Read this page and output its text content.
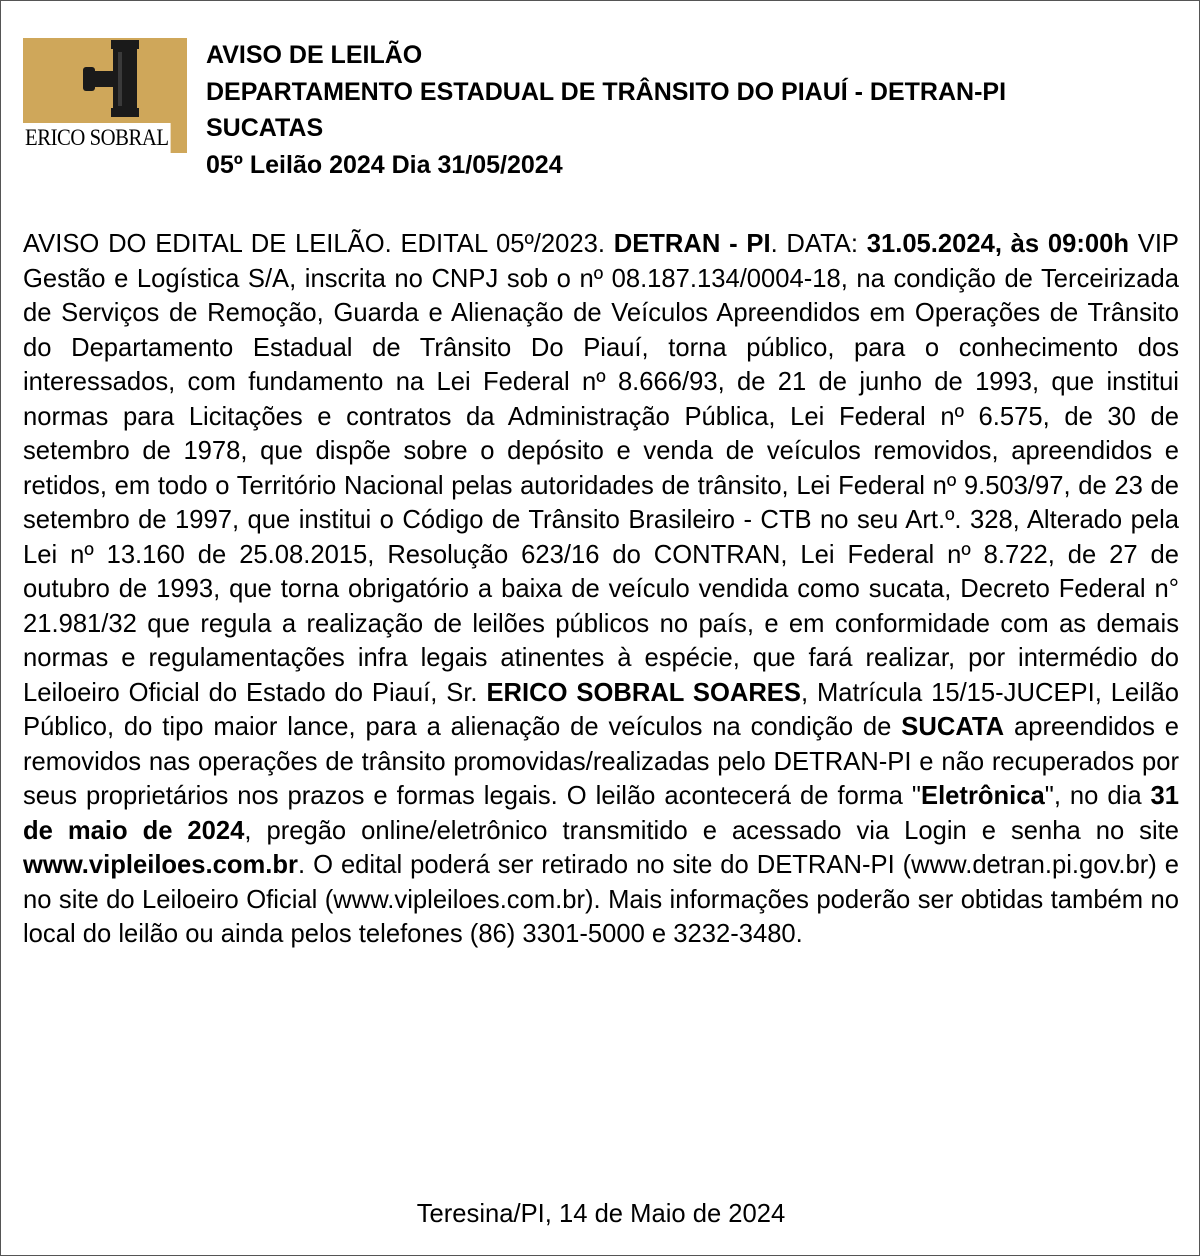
ERICO SOBRAL
AVISO DE LEILÃO
DEPARTAMENTO ESTADUAL DE TRÂNSITO DO PIAUÍ - DETRAN-PI
SUCATAS
05º Leilão 2024 Dia 31/05/2024
AVISO DO EDITAL DE LEILÃO. EDITAL 05º/2023. DETRAN - PI. DATA: 31.05.2024, às 09:00h VIP Gestão e Logística S/A, inscrita no CNPJ sob o nº 08.187.134/0004-18, na condição de Terceirizada de Serviços de Remoção, Guarda e Alienação de Veículos Apreendidos em Operações de Trânsito do Departamento Estadual de Trânsito Do Piauí, torna público, para o conhecimento dos interessados, com fundamento na Lei Federal nº 8.666/93, de 21 de junho de 1993, que institui normas para Licitações e contratos da Administração Pública, Lei Federal nº 6.575, de 30 de setembro de 1978, que dispõe sobre o depósito e venda de veículos removidos, apreendidos e retidos, em todo o Território Nacional pelas autoridades de trânsito, Lei Federal nº 9.503/97, de 23 de setembro de 1997, que institui o Código de Trânsito Brasileiro - CTB no seu Art.º. 328, Alterado pela Lei nº 13.160 de 25.08.2015, Resolução 623/16 do CONTRAN, Lei Federal nº 8.722, de 27 de outubro de 1993, que torna obrigatório a baixa de veículo vendida como sucata, Decreto Federal n° 21.981/32 que regula a realização de leilões públicos no país, e em conformidade com as demais normas e regulamentações infra legais atinentes à espécie, que fará realizar, por intermédio do Leiloeiro Oficial do Estado do Piauí, Sr. ERICO SOBRAL SOARES, Matrícula 15/15-JUCEPI, Leilão Público, do tipo maior lance, para a alienação de veículos na condição de SUCATA apreendidos e removidos nas operações de trânsito promovidas/realizadas pelo DETRAN-PI e não recuperados por seus proprietários nos prazos e formas legais. O leilão acontecerá de forma "Eletrônica", no dia 31 de maio de 2024, pregão online/eletrônico transmitido e acessado via Login e senha no site www.vipleiloes.com.br. O edital poderá ser retirado no site do DETRAN-PI (www.detran.pi.gov.br) e no site do Leiloeiro Oficial (www.vipleiloes.com.br). Mais informações poderão ser obtidas também no local do leilão ou ainda pelos telefones (86) 3301-5000 e 3232-3480.
Teresina/PI, 14 de Maio de 2024
